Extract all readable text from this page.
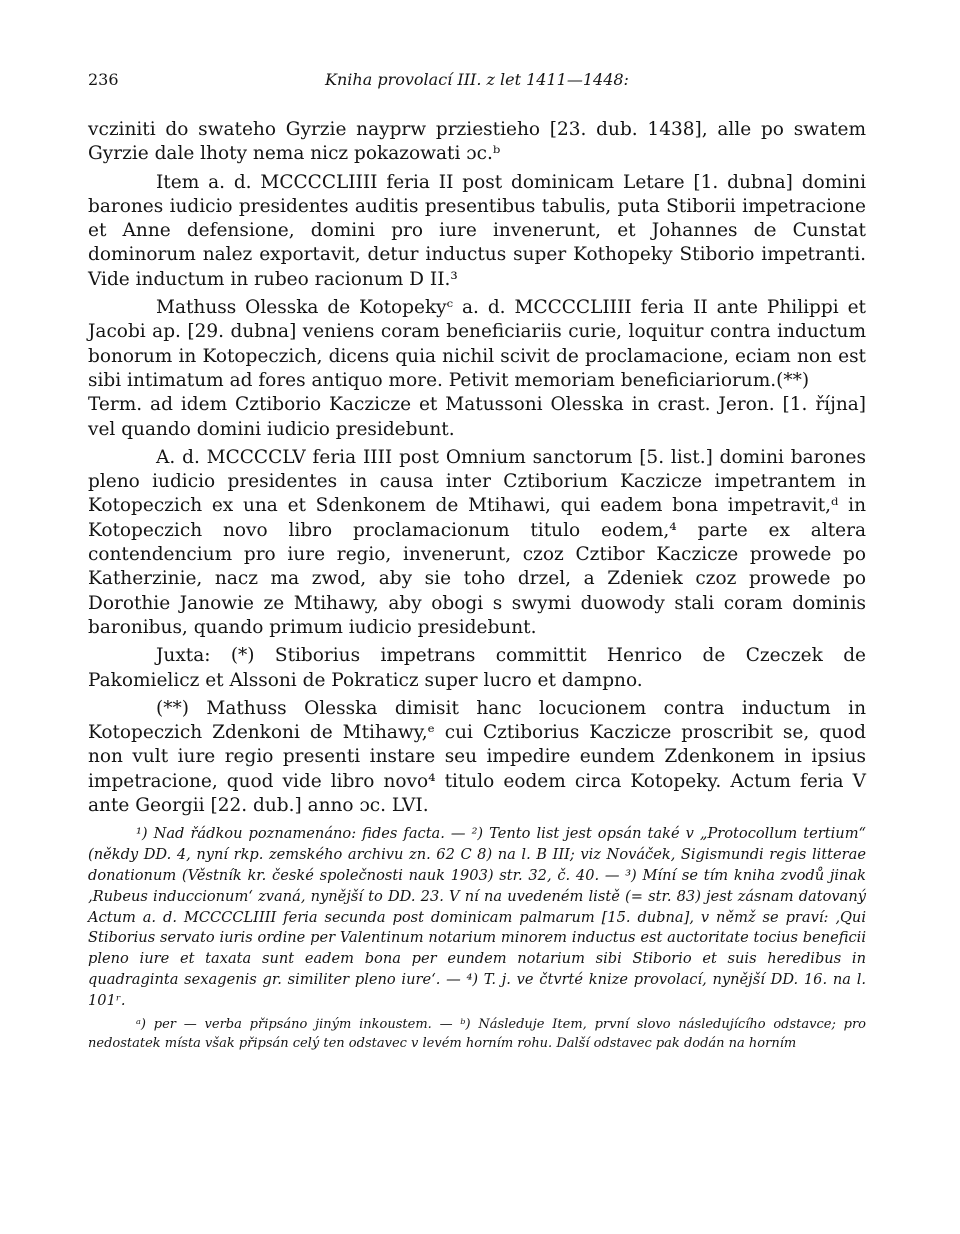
236	Kniha provolací III. z let 1411—1448:

vcziniti do swateho Gyrzie nayprw prziestieho [23. dub. 1438], alle po swatem Gyrzie dale lhoty nema nicz pokazowati ɔc.ᵇ

Item a. d. MCCCCLIIII feria II post dominicam Letare [1. dubna] domini barones iudicio presidentes auditis presentibus tabulis, puta Stiborii impetracione et Anne defensione, domini pro iure invenerunt, et Johannes de Cunstat dominorum nalez exportavit, detur inductus super Kothopeky Stiborio impetranti. Vide inductum in rubeo racionum D II.³

Mathuss Olesska de Kotopekyᶜ a. d. MCCCCLIIII feria II ante Philippi et Jacobi ap. [29. dubna] veniens coram beneficiariis curie, loquitur contra inductum bonorum in Kotopeczich, dicens quia nichil scivit de proclamacione, eciam non est sibi intimatum ad fores antiquo more. Petivit memoriam beneficiariorum.(**)

Term. ad idem Cztiborio Kaczicze et Matussoni Olesska in crast. Jeron. [1. října] vel quando domini iudicio presidebunt.

A. d. MCCCCLV feria IIII post Omnium sanctorum [5. list.] domini barones pleno iudicio presidentes in causa inter Cztiborium Kaczicze impetrantem in Kotopeczich ex una et Sdenkonem de Mtihawi, qui eadem bona impetravit,ᵈ in Kotopeczich novo libro proclamacionum titulo eodem,⁴ parte ex altera contendencium pro iure regio, invenerunt, czoz Cztibor Kaczicze prowede po Katherzinie, nacz ma zwod, aby sie toho drzel, a Zdeniek czoz prowede po Dorothie Janowie ze Mtihawy, aby obogi s swymi duowody stali coram dominis baronibus, quando primum iudicio presidebunt.

Juxta: (*) Stiborius impetrans committit Henrico de Czeczek de Pakomielicz et Alssoni de Pokraticz super lucro et dampno.

(**) Mathuss Olesska dimisit hanc locucionem contra inductum in Kotopeczich Zdenkoni de Mtihawy,ᵉ cui Cztiborius Kaczicze proscribit se, quod non vult iure regio presenti instare seu impedire eundem Zdenkonem in ipsius impetracione, quod vide libro novo⁴ titulo eodem circa Kotopeky. Actum feria V ante Georgii [22. dub.] anno ɔc. LVI.

¹) Nad řádkou poznamenáno: fides facta. — ²) Tento list jest opsán také v „Protocollum tertium“ (někdy DD. 4, nyní rkp. zemského archivu zn. 62 C 8) na l. B III; viz Nováček, Sigismundi regis litterae donationum (Věstník kr. české společnosti nauk 1903) str. 32, č. 40. — ³) Míní se tím kniha zvodů jinak ‚Rubeus induccionum‘ zvaná, nynější to DD. 23. V ní na uvedeném listě (= str. 83) jest zásnam datovaný Actum a. d. MCCCCLIIII feria secunda post dominicam palmarum [15. dubna], v němž se praví: ‚Qui Stiborius servato iuris ordine per Valentinum notarium minorem inductus est auctoritate tocius beneficii pleno iure et taxata sunt eadem bona per eundem notarium sibi Stiborio et suis heredibus in quadraginta sexagenis gr. similiter pleno iure‘. — ⁴) T. j. ve čtvrté knize provolací, nynější DD. 16. na l. 101ʳ.

ᵃ) per — verba připsáno jiným inkoustem. — ᵇ) Následuje Item, první slovo následujícího odstavce; pro nedostatek místa však připsán celý ten odstavec v levém horním rohu. Další odstavec pak dodán na horním
